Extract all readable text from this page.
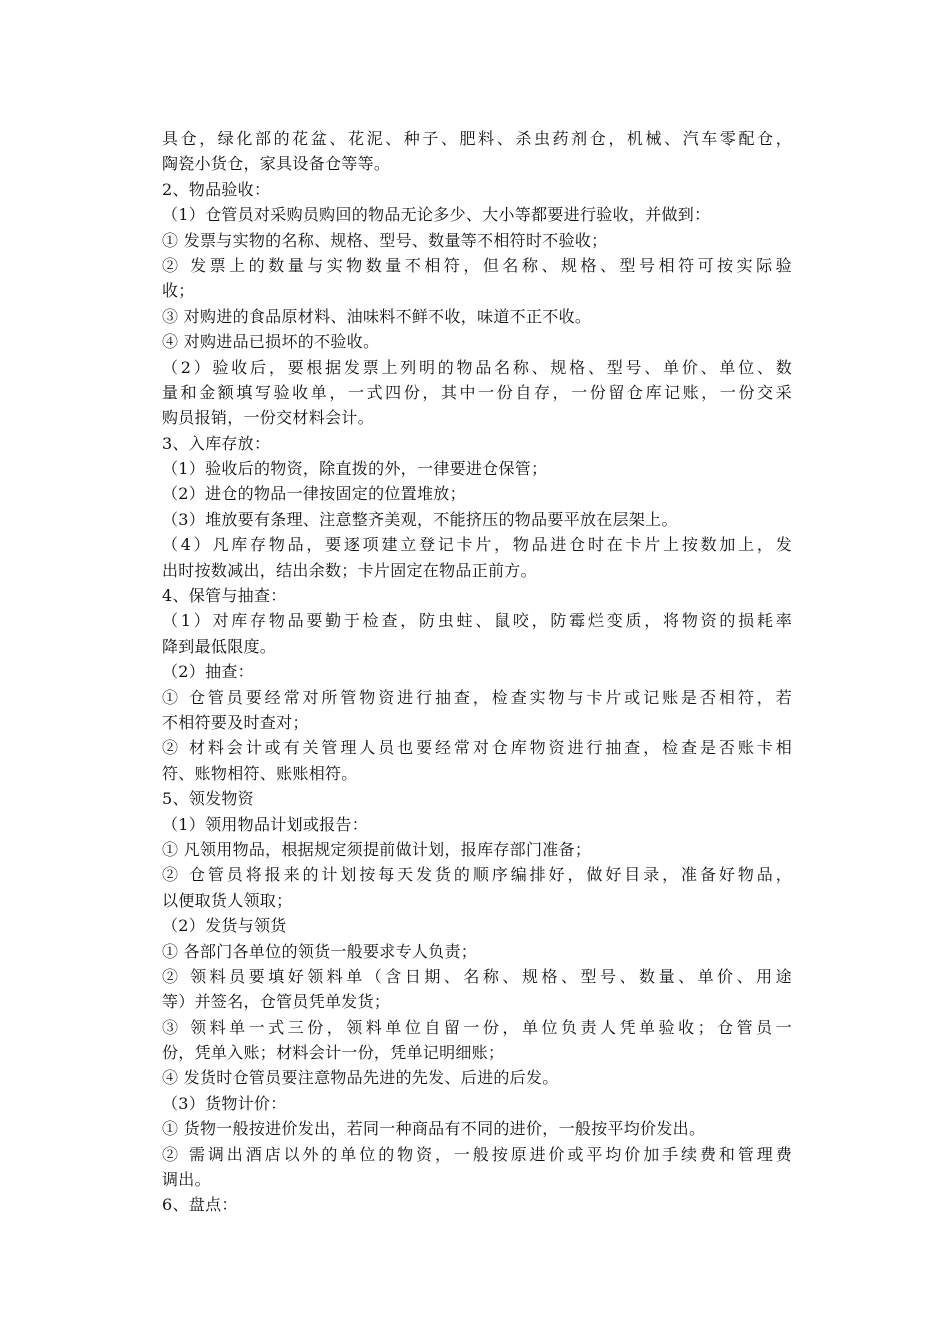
具仓，绿化部的花盆、花泥、种子、肥料、杀虫药剂仓，机械、汽车零配仓，
陶瓷小货仓，家具设备仓等等。
2、物品验收：
（1）仓管员对采购员购回的物品无论多少、大小等都要进行验收，并做到：
① 发票与实物的名称、规格、型号、数量等不相符时不验收；
② 发票上的数量与实物数量不相符，但名称、规格、型号相符可按实际验
收；
③ 对购进的食品原材料、油味料不鲜不收，味道不正不收。
④ 对购进品已损坏的不验收。
（2）验收后，要根据发票上列明的物品名称、规格、型号、单价、单位、数
量和金额填写验收单，一式四份，其中一份自存，一份留仓库记账，一份交采
购员报销，一份交材料会计。
3、入库存放：
（1）验收后的物资，除直拨的外，一律要进仓保管；
（2）进仓的物品一律按固定的位置堆放；
（3）堆放要有条理、注意整齐美观，不能挤压的物品要平放在层架上。
（4）凡库存物品，要逐项建立登记卡片，物品进仓时在卡片上按数加上，发
出时按数减出，结出余数；卡片固定在物品正前方。
4、保管与抽查：
（1）对库存物品要勤于检查，防虫蛀、鼠咬，防霉烂变质，将物资的损耗率
降到最低限度。
（2）抽查：
① 仓管员要经常对所管物资进行抽查，检查实物与卡片或记账是否相符，若
不相符要及时查对；
② 材料会计或有关管理人员也要经常对仓库物资进行抽查，检查是否账卡相
符、账物相符、账账相符。
5、领发物资
（1）领用物品计划或报告：
① 凡领用物品，根据规定须提前做计划，报库存部门准备；
② 仓管员将报来的计划按每天发货的顺序编排好，做好目录，准备好物品，
以便取货人领取；
（2）发货与领货
① 各部门各单位的领货一般要求专人负责；
② 领料员要填好领料单（含日期、名称、规格、型号、数量、单价、用途
等）并签名，仓管员凭单发货；
③ 领料单一式三份，领料单位自留一份，单位负责人凭单验收；仓管员一
份，凭单入账；材料会计一份，凭单记明细账；
④ 发货时仓管员要注意物品先进的先发、后进的后发。
（3）货物计价：
① 货物一般按进价发出，若同一种商品有不同的进价，一般按平均价发出。
② 需调出酒店以外的单位的物资，一般按原进价或平均价加手续费和管理费
调出。
6、盘点：
